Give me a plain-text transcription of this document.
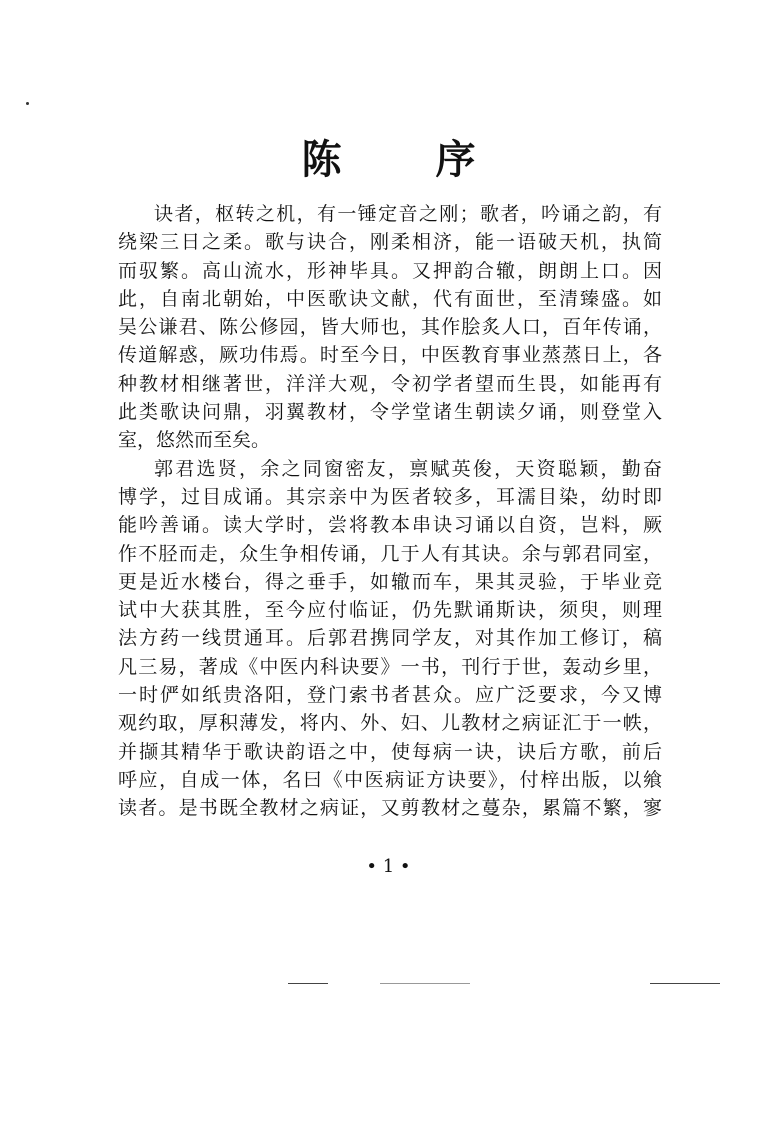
陈 序
诀者，枢转之机，有一锤定音之刚；歌者，吟诵之韵，有
绕梁三日之柔。歌与诀合，刚柔相济，能一语破天机，执简
而驭繁。高山流水，形神毕具。又押韵合辙，朗朗上口。因
此，自南北朝始，中医歌诀文献，代有面世，至清臻盛。如
吴公谦君、陈公修园，皆大师也，其作脍炙人口，百年传诵，
传道解惑，厥功伟焉。时至今日，中医教育事业蒸蒸日上，各
种教材相继著世，洋洋大观，令初学者望而生畏，如能再有
此类歌诀问鼎，羽翼教材，令学堂诸生朝读夕诵，则登堂入
室，悠然而至矣。
郭君选贤，余之同窗密友，禀赋英俊，天资聪颖，勤奋
博学，过目成诵。其宗亲中为医者较多，耳濡目染，幼时即
能吟善诵。读大学时，尝将教本串诀习诵以自资，岂料，厥
作不胫而走，众生争相传诵，几于人有其诀。余与郭君同室，
更是近水楼台，得之垂手，如辙而车，果其灵验，于毕业竞
试中大获其胜，至今应付临证，仍先默诵斯诀，须臾，则理
法方药一线贯通耳。后郭君携同学友，对其作加工修订，稿
凡三易，著成《中医内科诀要》一书，刊行于世，轰动乡里，
一时俨如纸贵洛阳，登门索书者甚众。应广泛要求，今又博
观约取，厚积薄发，将内、外、妇、儿教材之病证汇于一帙，
并撷其精华于歌诀韵语之中，使每病一诀，诀后方歌，前后
呼应，自成一体，名曰《中医病证方诀要》，付梓出版，以飨
读者。是书既全教材之病证，又剪教材之蔓杂，累篇不繁，寥
• 1 •
